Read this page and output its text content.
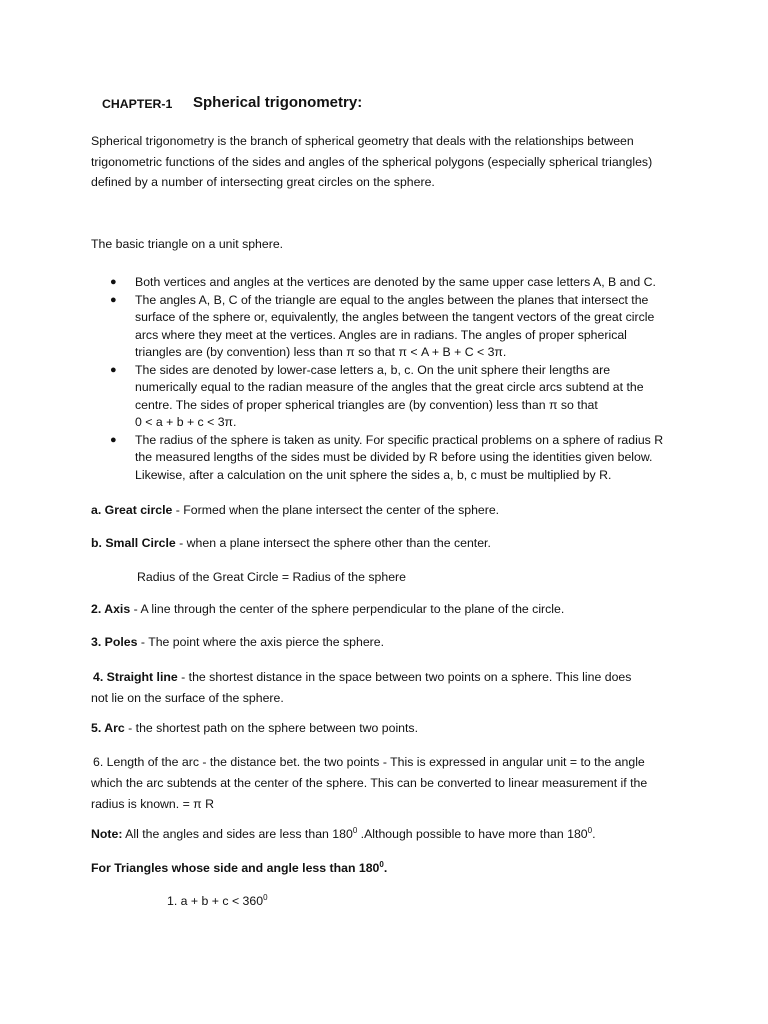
CHAPTER-1 Spherical trigonometry:
Spherical trigonometry is the branch of spherical geometry that deals with the relationships between
trigonometric functions of the sides and angles of the spherical polygons (especially spherical triangles)
defined by a number of intersecting great circles on the sphere.
The basic triangle on a unit sphere.
● Both vertices and angles at the vertices are denoted by the same upper case letters A, B and C.
● The angles A, B, C of the triangle are equal to the angles between the planes that intersect the
surface of the sphere or, equivalently, the angles between the tangent vectors of the great circle
arcs where they meet at the vertices. Angles are in radians. The angles of proper spherical
triangles are (by convention) less than π so that π < A + B + C < 3π.
● The sides are denoted by lower-case letters a, b, c. On the unit sphere their lengths are
numerically equal to the radian measure of the angles that the great circle arcs subtend at the
centre. The sides of proper spherical triangles are (by convention) less than π so that
0 < a + b + c < 3π.
● The radius of the sphere is taken as unity. For specific practical problems on a sphere of radius R
the measured lengths of the sides must be divided by R before using the identities given below.
Likewise, after a calculation on the unit sphere the sides a, b, c must be multiplied by R.
a. Great circle - Formed when the plane intersect the center of the sphere.
b. Small Circle - when a plane intersect the sphere other than the center.
Radius of the Great Circle = Radius of the sphere
2. Axis - A line through the center of the sphere perpendicular to the plane of the circle.
3. Poles - The point where the axis pierce the sphere.
4. Straight line - the shortest distance in the space between two points on a sphere. This line does
not lie on the surface of the sphere.
5. Arc - the shortest path on the sphere between two points.
6. Length of the arc - the distance bet. the two points - This is expressed in angular unit = to the angle
which the arc subtends at the center of the sphere. This can be converted to linear measurement if the
radius is known. = π R
Note: All the angles and sides are less than $180^0$ .Although possible to have more than $180^0$.
For Triangles whose side and angle less than $180^0$.
1. $a + b + c < 360^0$
